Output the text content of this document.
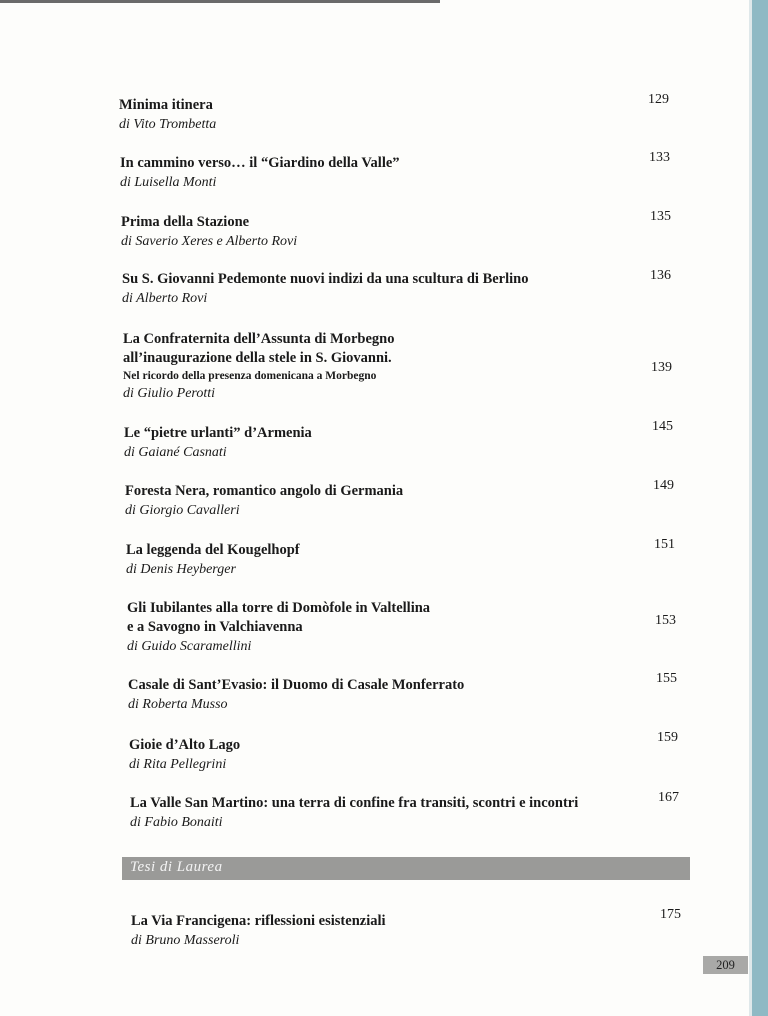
Minima itinera
di Vito Trombetta
129
In cammino verso… il “Giardino della Valle”
di Luisella Monti
133
Prima della Stazione
di Saverio Xeres e Alberto Rovi
135
Su S. Giovanni Pedemonte nuovi indizi da una scultura di Berlino
di Alberto Rovi
136
La Confraternita dell’Assunta di Morbegno
all’inaugurazione della stele in S. Giovanni.
Nel ricordo della presenza domenicana a Morbegno
di Giulio Perotti
139
Le “pietre urlanti” d’Armenia
di Gaiané Casnati
145
Foresta Nera, romantico angolo di Germania
di Giorgio Cavalleri
149
La leggenda del Kougelhopf
di Denis Heyberger
151
Gli Iubilantes alla torre di Domòfole in Valtellina
e a Savogno in Valchiavenna
di Guido Scaramellini
153
Casale di Sant’Evasio: il Duomo di Casale Monferrato
di Roberta Musso
155
Gioie d’Alto Lago
di Rita Pellegrini
159
La Valle San Martino: una terra di confine fra transiti, scontri e incontri
di Fabio Bonaiti
167
Tesi di Laurea
La Via Francigena: riflessioni esistenziali
di Bruno Masseroli
175
209
